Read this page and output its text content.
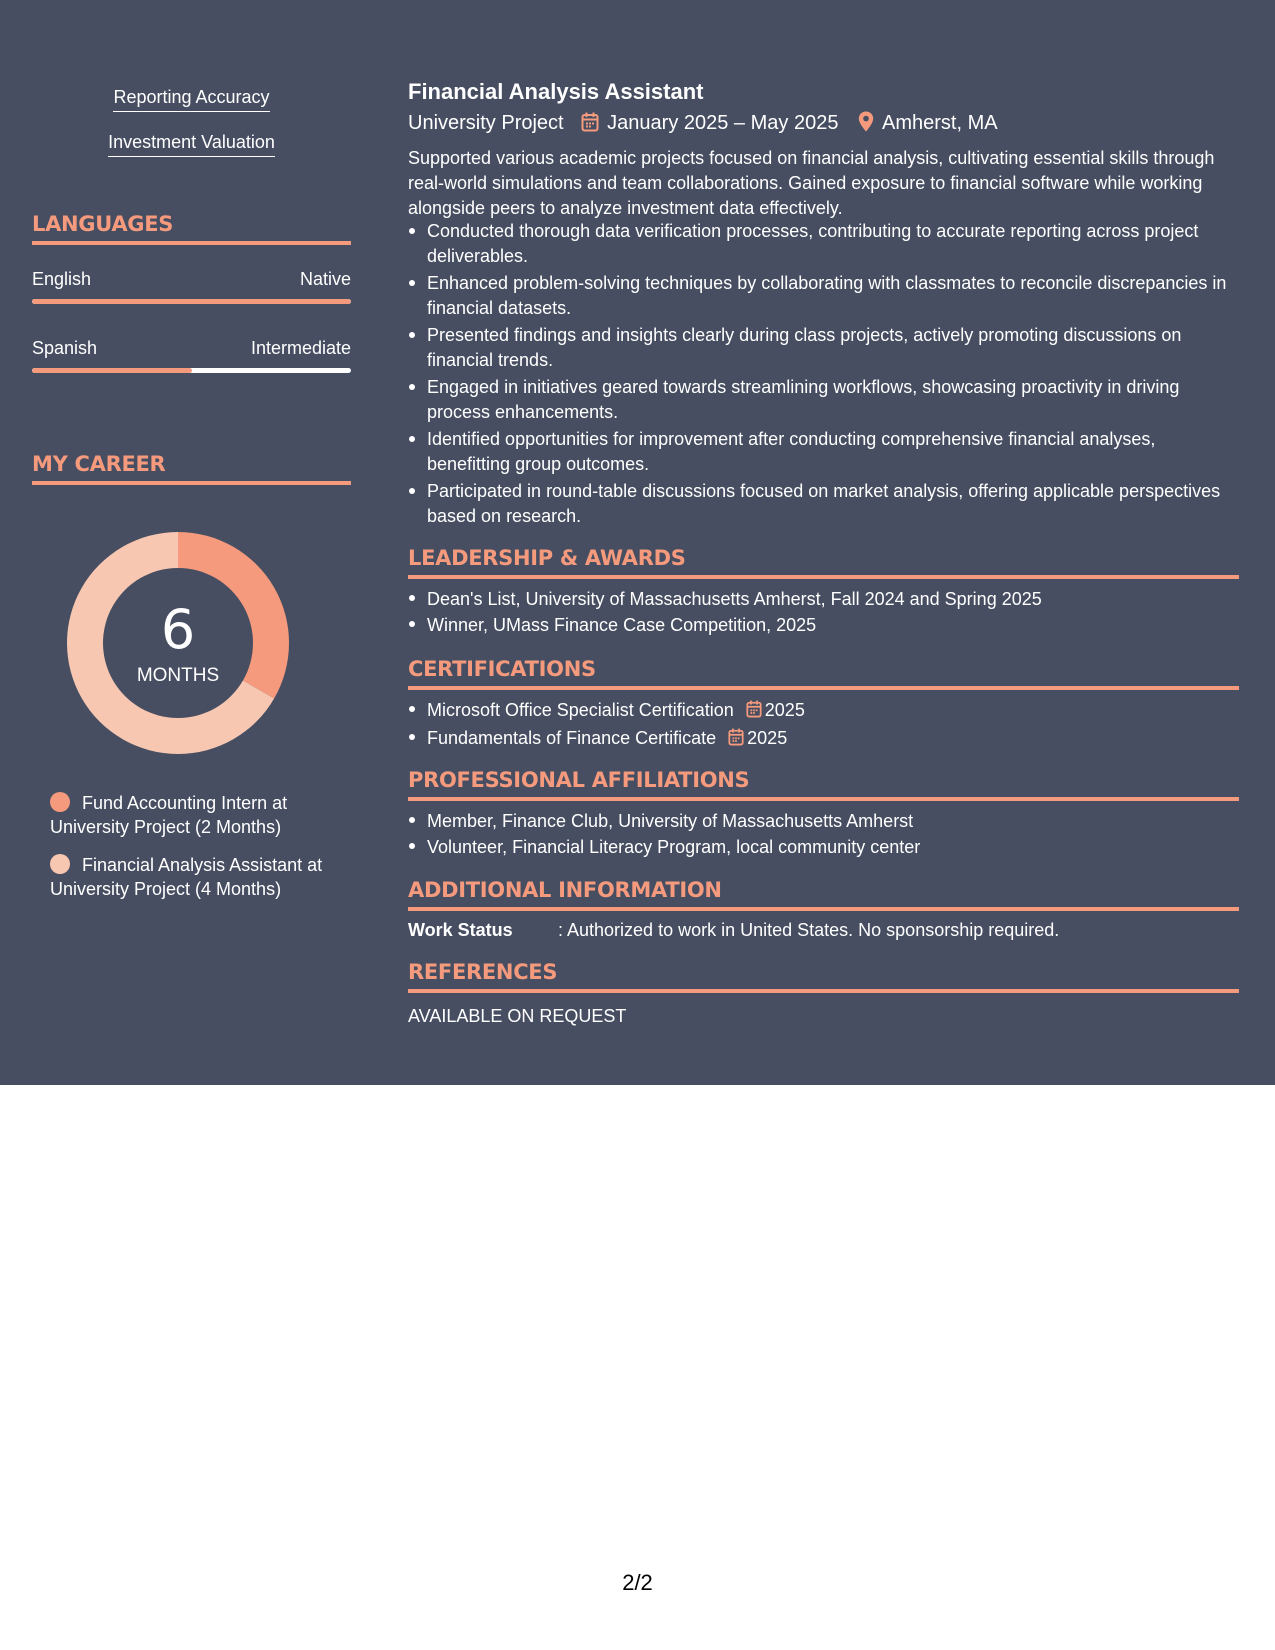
Reporting Accuracy
Investment Valuation
LANGUAGES
English	Native
Spanish	Intermediate
MY CAREER
6
MONTHS
Fund Accounting Intern at University Project (2 Months)
Financial Analysis Assistant at University Project (4 Months)
Financial Analysis Assistant
University Project January 2025 – May 2025 Amherst, MA
Supported various academic projects focused on financial analysis, cultivating essential skills through real-world simulations and team collaborations. Gained exposure to financial software while working alongside peers to analyze investment data effectively.
Conducted thorough data verification processes, contributing to accurate reporting across project deliverables.
Enhanced problem-solving techniques by collaborating with classmates to reconcile discrepancies in financial datasets.
Presented findings and insights clearly during class projects, actively promoting discussions on financial trends.
Engaged in initiatives geared towards streamlining workflows, showcasing proactivity in driving process enhancements.
Identified opportunities for improvement after conducting comprehensive financial analyses, benefitting group outcomes.
Participated in round-table discussions focused on market analysis, offering applicable perspectives based on research.
LEADERSHIP & AWARDS
Dean's List, University of Massachusetts Amherst, Fall 2024 and Spring 2025
Winner, UMass Finance Case Competition, 2025
CERTIFICATIONS
Microsoft Office Specialist Certification 2025
Fundamentals of Finance Certificate 2025
PROFESSIONAL AFFILIATIONS
Member, Finance Club, University of Massachusetts Amherst
Volunteer, Financial Literacy Program, local community center
ADDITIONAL INFORMATION
Work Status	: Authorized to work in United States. No sponsorship required.
REFERENCES
AVAILABLE ON REQUEST
2/2
